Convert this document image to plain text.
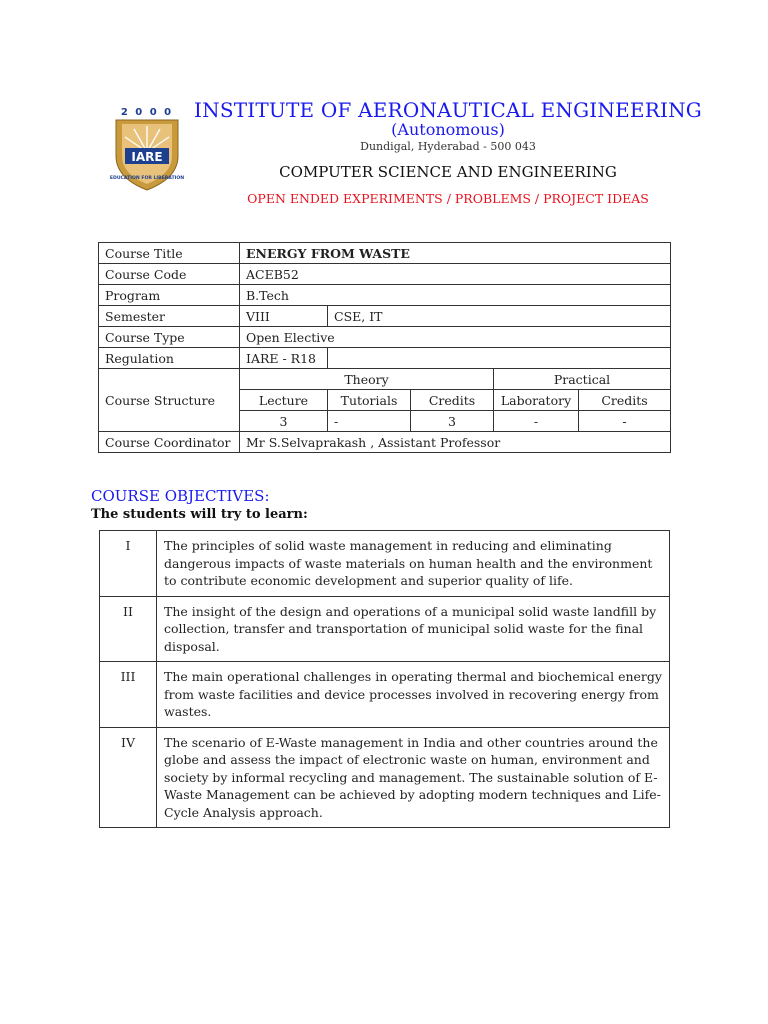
2 0 0 0
IARE
EDUCATION FOR LIBERATION
INSTITUTE OF AERONAUTICAL ENGINEERING
(Autonomous)
Dundigal, Hyderabad - 500 043
COMPUTER SCIENCE AND ENGINEERING
OPEN ENDED EXPERIMENTS / PROBLEMS / PROJECT IDEAS
Course Title	ENERGY FROM WASTE				
Course Code	ACEB52				
Program	B.Tech				
Semester	VIII	CSE, IT			
Course Type	Open Elective				
Regulation	IARE - R18				
Course Structure	Theory			Practical	
	Lecture	Tutorials	Credits	Laboratory	Credits
	3	-	3	-	-
Course Coordinator	Mr S.Selvaprakash , Assistant Professor				
COURSE OBJECTIVES:
The students will try to learn:
I	The principles of solid waste management in reducing and eliminating dangerous impacts of waste materials on human health and the environment to contribute economic development and superior quality of life.
II	The insight of the design and operations of a municipal solid waste landfill by collection, transfer and transportation of municipal solid waste for the final disposal.
III	The main operational challenges in operating thermal and biochemical energy from waste facilities and device processes involved in recovering energy from wastes.
IV	The scenario of E-Waste management in India and other countries around the globe and assess the impact of electronic waste on human, environment and society by informal recycling and management. The sustainable solution of E-Waste Management can be achieved by adopting modern techniques and Life-Cycle Analysis approach.
